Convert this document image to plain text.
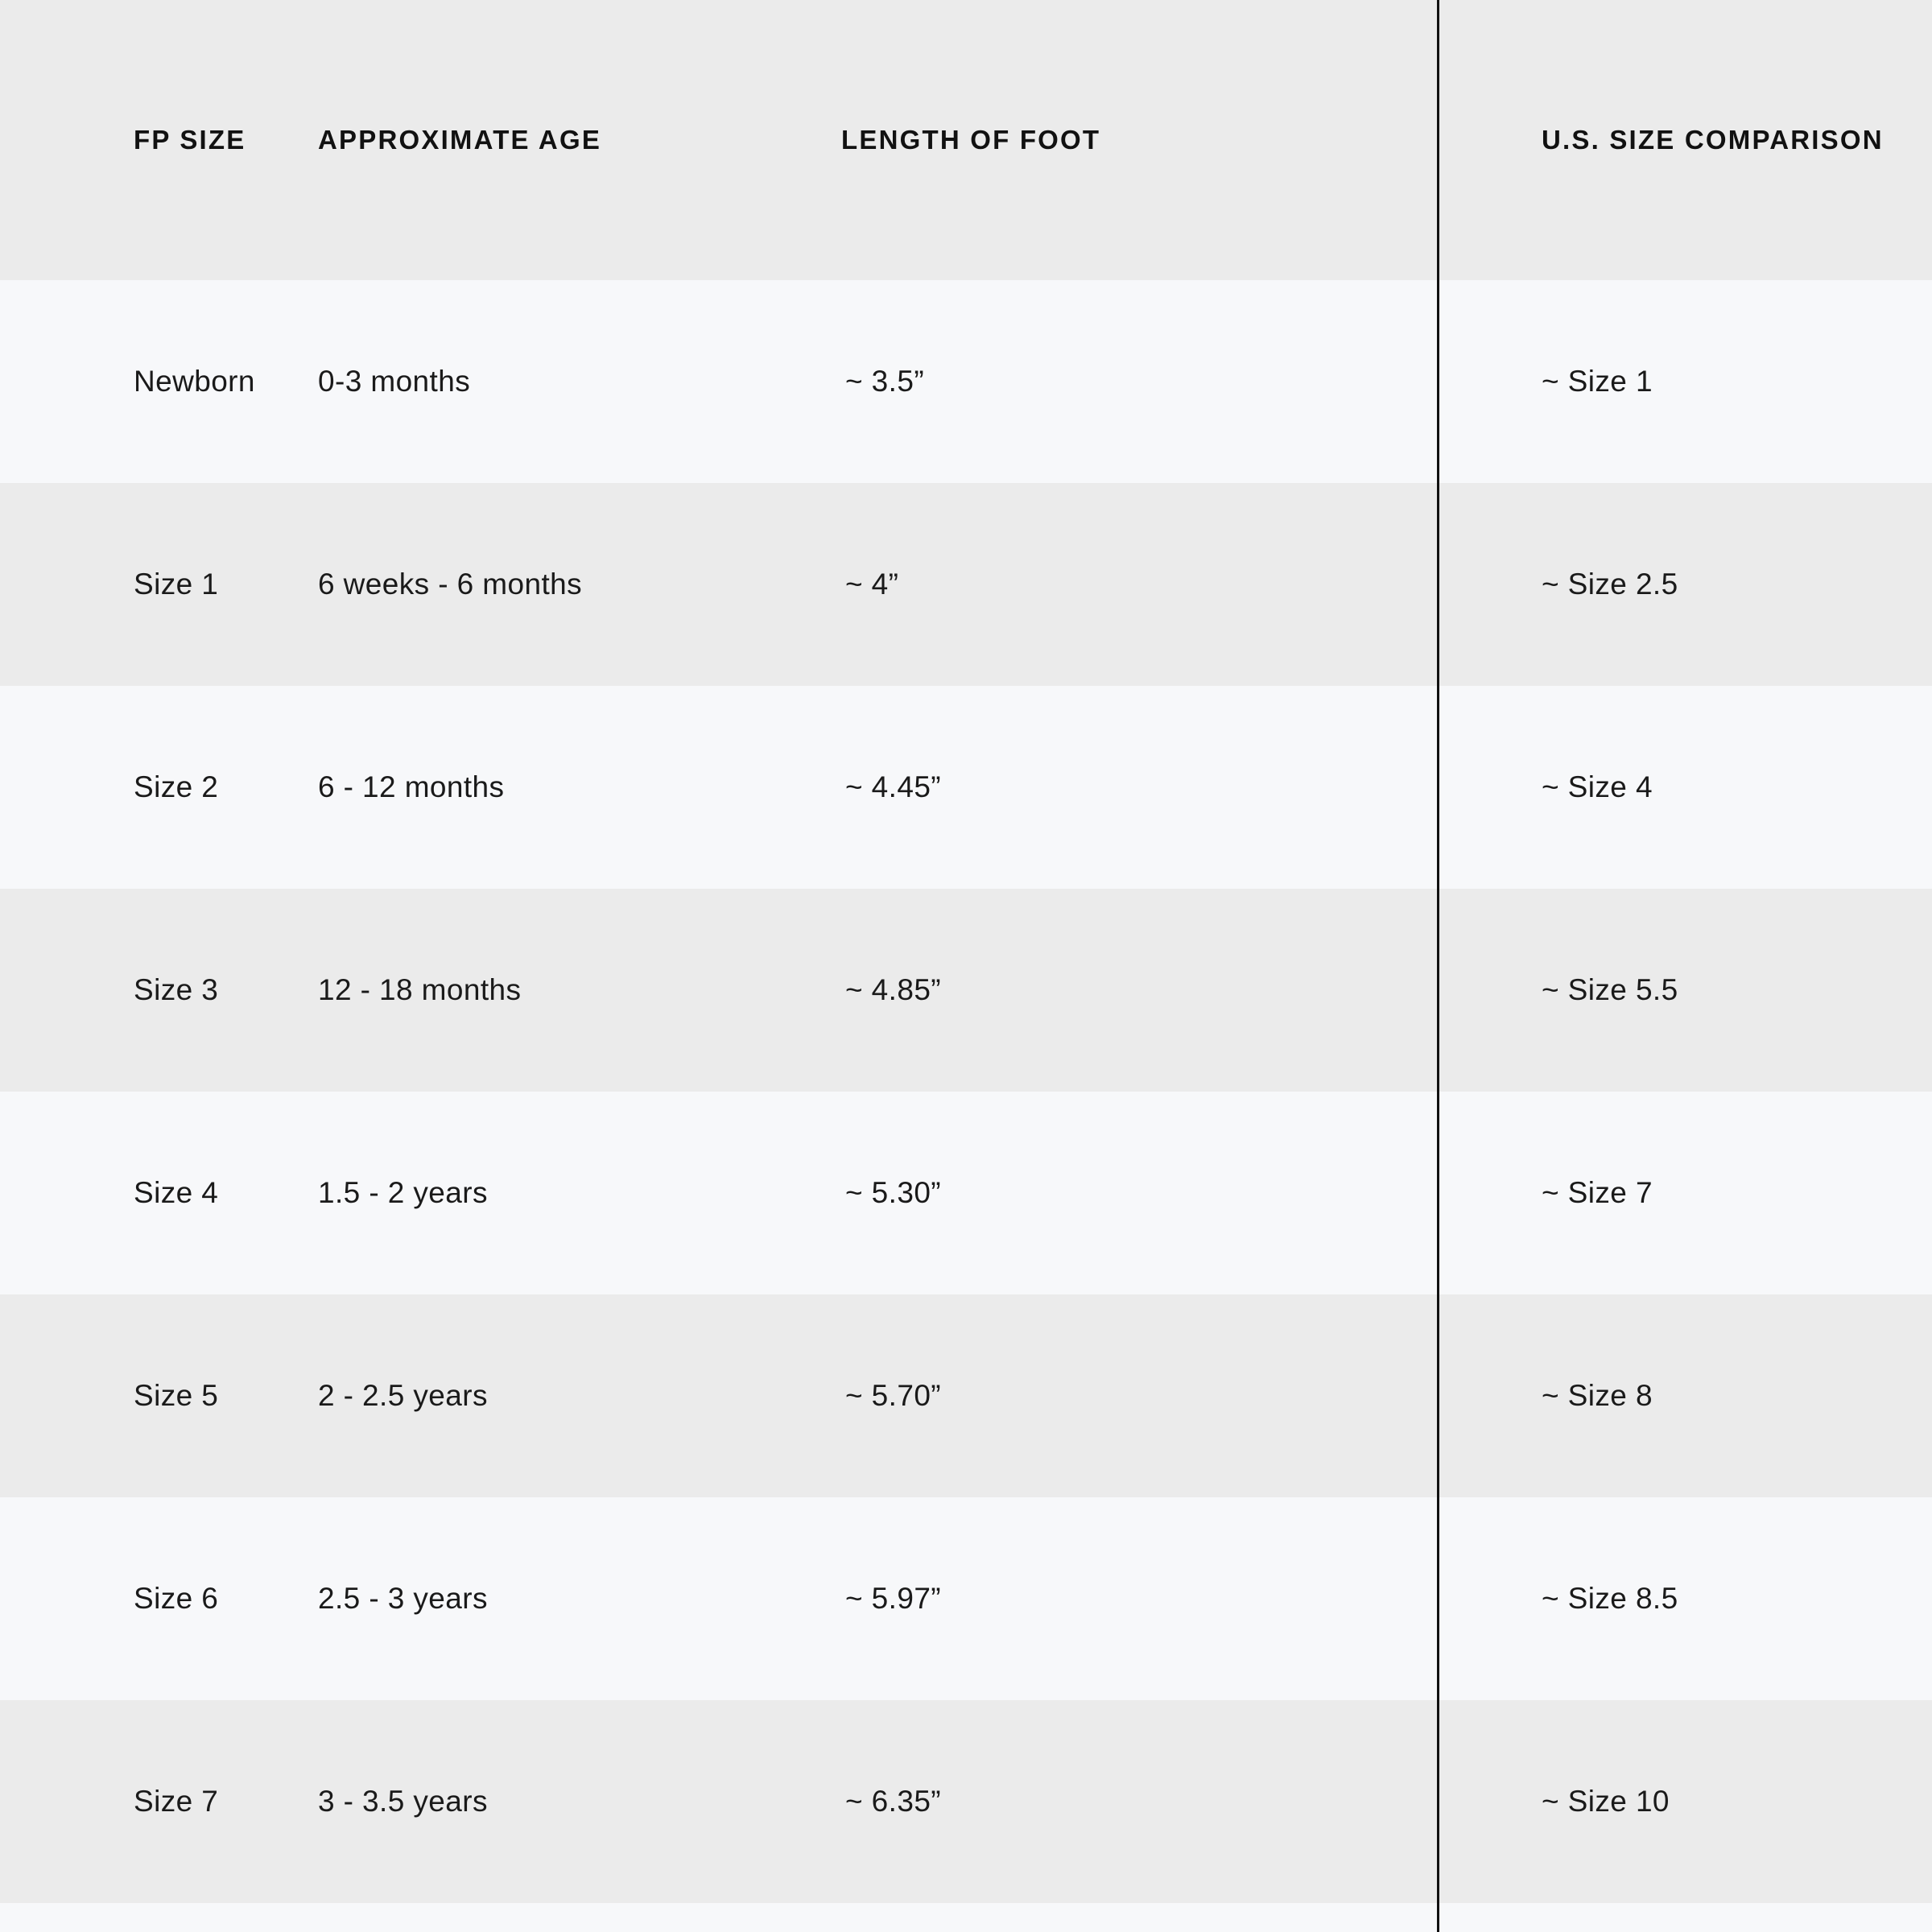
FP SIZE	APPROXIMATE AGE	LENGTH OF FOOT	U.S. SIZE COMPARISON
Newborn	0-3 months	~ 3.5”	~ Size 1
Size 1	6 weeks - 6 months	~ 4”	~ Size 2.5
Size 2	6 - 12 months	~ 4.45”	~ Size 4
Size 3	12 - 18 months	~ 4.85”	~ Size 5.5
Size 4	1.5 - 2 years	~ 5.30”	~ Size 7
Size 5	2 - 2.5 years	~ 5.70”	~ Size 8
Size 6	2.5 - 3 years	~ 5.97”	~ Size 8.5
Size 7	3 - 3.5 years	~ 6.35”	~ Size 10
